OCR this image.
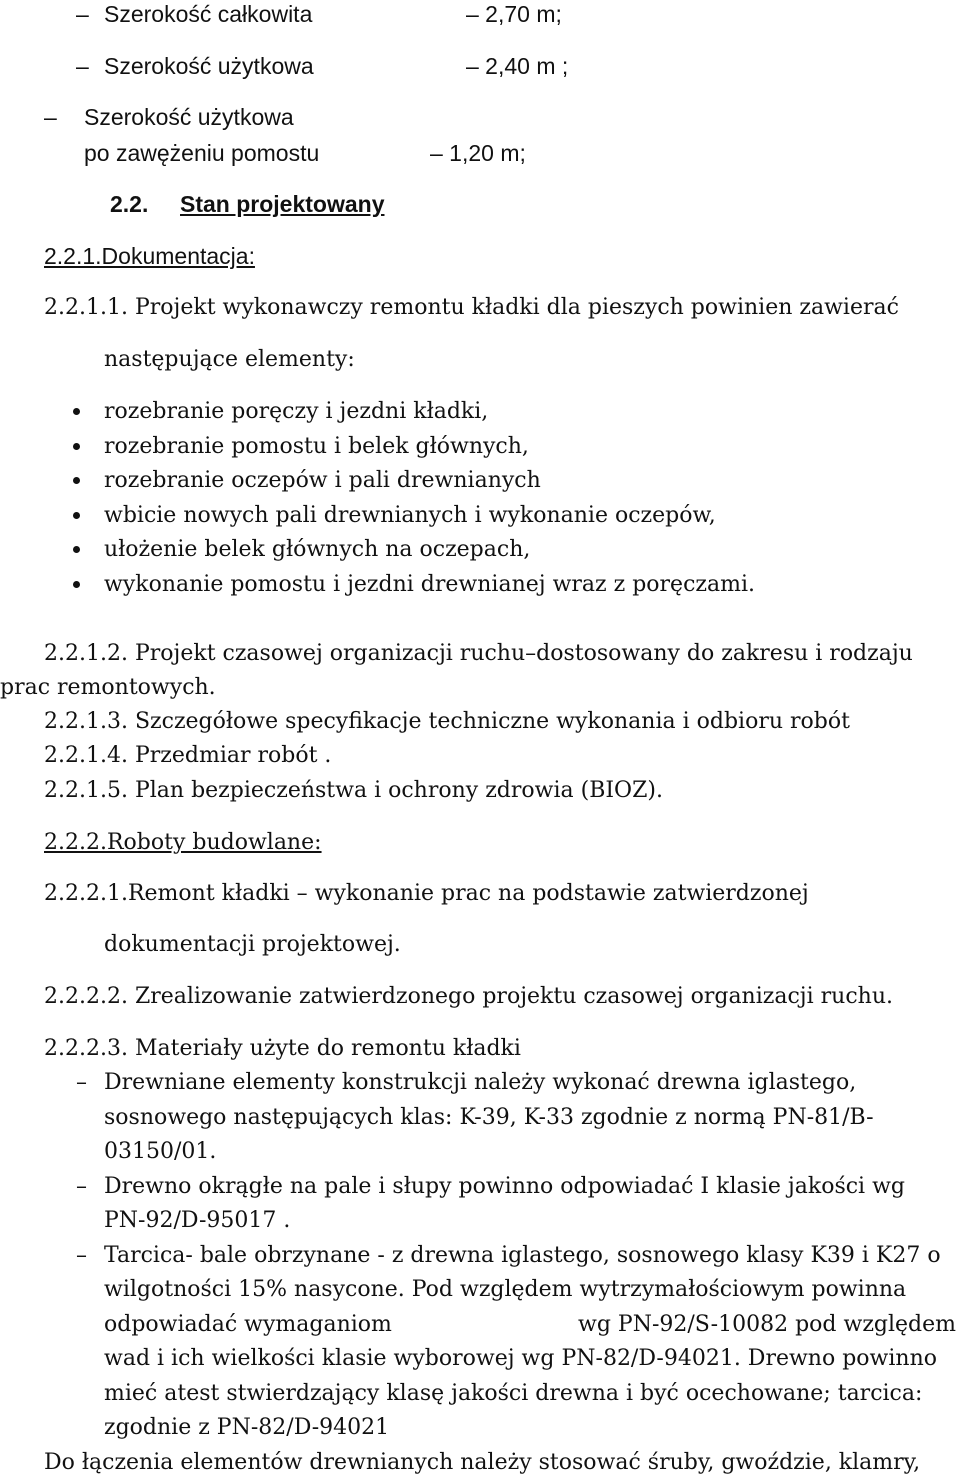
– Szerokość całkowita	– 2,70 m;
– Szerokość użytkowa	– 2,40 m ;
– Szerokość użytkowa
po zawężeniu pomostu	– 1,20 m;
2.2. Stan projektowany
2.2.1.Dokumentacja:
2.2.1.1. Projekt wykonawczy remontu kładki dla pieszych powinien zawierać
następujące elementy:
rozebranie poręczy i jezdni kładki,
rozebranie pomostu i belek głównych,
rozebranie oczepów i pali drewnianych
wbicie nowych pali drewnianych i wykonanie oczepów,
ułożenie belek głównych na oczepach,
wykonanie pomostu i jezdni drewnianej wraz z poręczami.
2.2.1.2. Projekt czasowej organizacji ruchu–dostosowany do zakresu i rodzaju
prac remontowych.
2.2.1.3. Szczegółowe specyfikacje techniczne wykonania i odbioru robót
2.2.1.4. Przedmiar robót .
2.2.1.5. Plan bezpieczeństwa i ochrony zdrowia (BIOZ).
2.2.2.Roboty budowlane:
2.2.2.1.Remont kładki – wykonanie prac na podstawie zatwierdzonej
dokumentacji projektowej.
2.2.2.2. Zrealizowanie zatwierdzonego projektu czasowej organizacji ruchu.
2.2.2.3. Materiały użyte do remontu kładki
– Drewniane elementy konstrukcji należy wykonać drewna iglastego,
sosnowego następujących klas: K-39, K-33 zgodnie z normą PN-81/B-
03150/01.
– Drewno okrągłe na pale i słupy powinno odpowiadać I klasie jakości wg
PN-92/D-95017 .
– Tarcica- bale obrzynane - z drewna iglastego, sosnowego klasy K39 i K27 o
wilgotności 15% nasycone. Pod względem wytrzymałościowym powinna
odpowiadać wymaganiom	wg PN-92/S-10082 pod względem
wad i ich wielkości klasie wyborowej wg PN-82/D-94021. Drewno powinno
mieć atest stwierdzający klasę jakości drewna i być ocechowane; tarcica:
zgodnie z PN-82/D-94021
Do łączenia elementów drewnianych należy stosować śruby, gwoździe, klamry,
